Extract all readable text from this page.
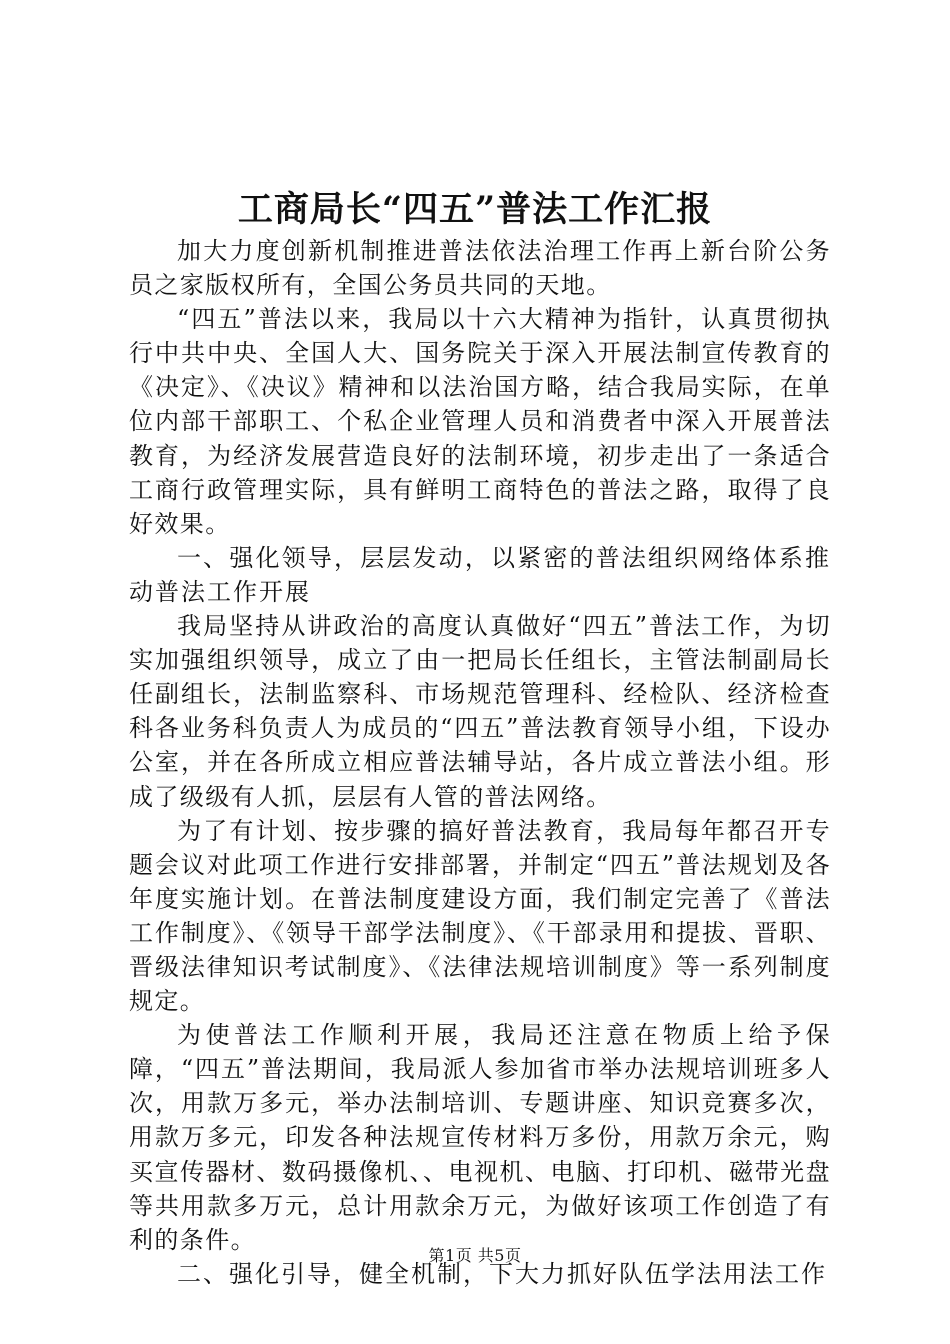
工商局长“四五”普法工作汇报

加大力度创新机制推进普法依法治理工作再上新台阶公务员之家版权所有，全国公务员共同的天地。

“四五”普法以来，我局以十六大精神为指针，认真贯彻执行中共中央、全国人大、国务院关于深入开展法制宣传教育的《决定》、《决议》精神和以法治国方略，结合我局实际，在单位内部干部职工、个私企业管理人员和消费者中深入开展普法教育，为经济发展营造良好的法制环境，初步走出了一条适合工商行政管理实际，具有鲜明工商特色的普法之路，取得了良好效果。

一、强化领导，层层发动，以紧密的普法组织网络体系推动普法工作开展

我局坚持从讲政治的高度认真做好“四五”普法工作，为切实加强组织领导，成立了由一把局长任组长，主管法制副局长任副组长，法制监察科、市场规范管理科、经检队、经济检查科各业务科负责人为成员的“四五”普法教育领导小组，下设办公室，并在各所成立相应普法辅导站，各片成立普法小组。形成了级级有人抓，层层有人管的普法网络。

为了有计划、按步骤的搞好普法教育，我局每年都召开专题会议对此项工作进行安排部署，并制定“四五”普法规划及各年度实施计划。在普法制度建设方面，我们制定完善了《普法工作制度》、《领导干部学法制度》、《干部录用和提拔、晋职、晋级法律知识考试制度》、《法律法规培训制度》等一系列制度规定。

为使普法工作顺利开展，我局还注意在物质上给予保障，“四五”普法期间，我局派人参加省市举办法规培训班多人次，用款万多元，举办法制培训、专题讲座、知识竞赛多次，用款万多元，印发各种法规宣传材料万多份，用款万余元，购买宣传器材、数码摄像机、、电视机、电脑、打印机、磁带光盘等共用款多万元，总计用款余万元，为做好该项工作创造了有利的条件。

二、强化引导，健全机制，下大力抓好队伍学法用法工作

第1页 共5页
